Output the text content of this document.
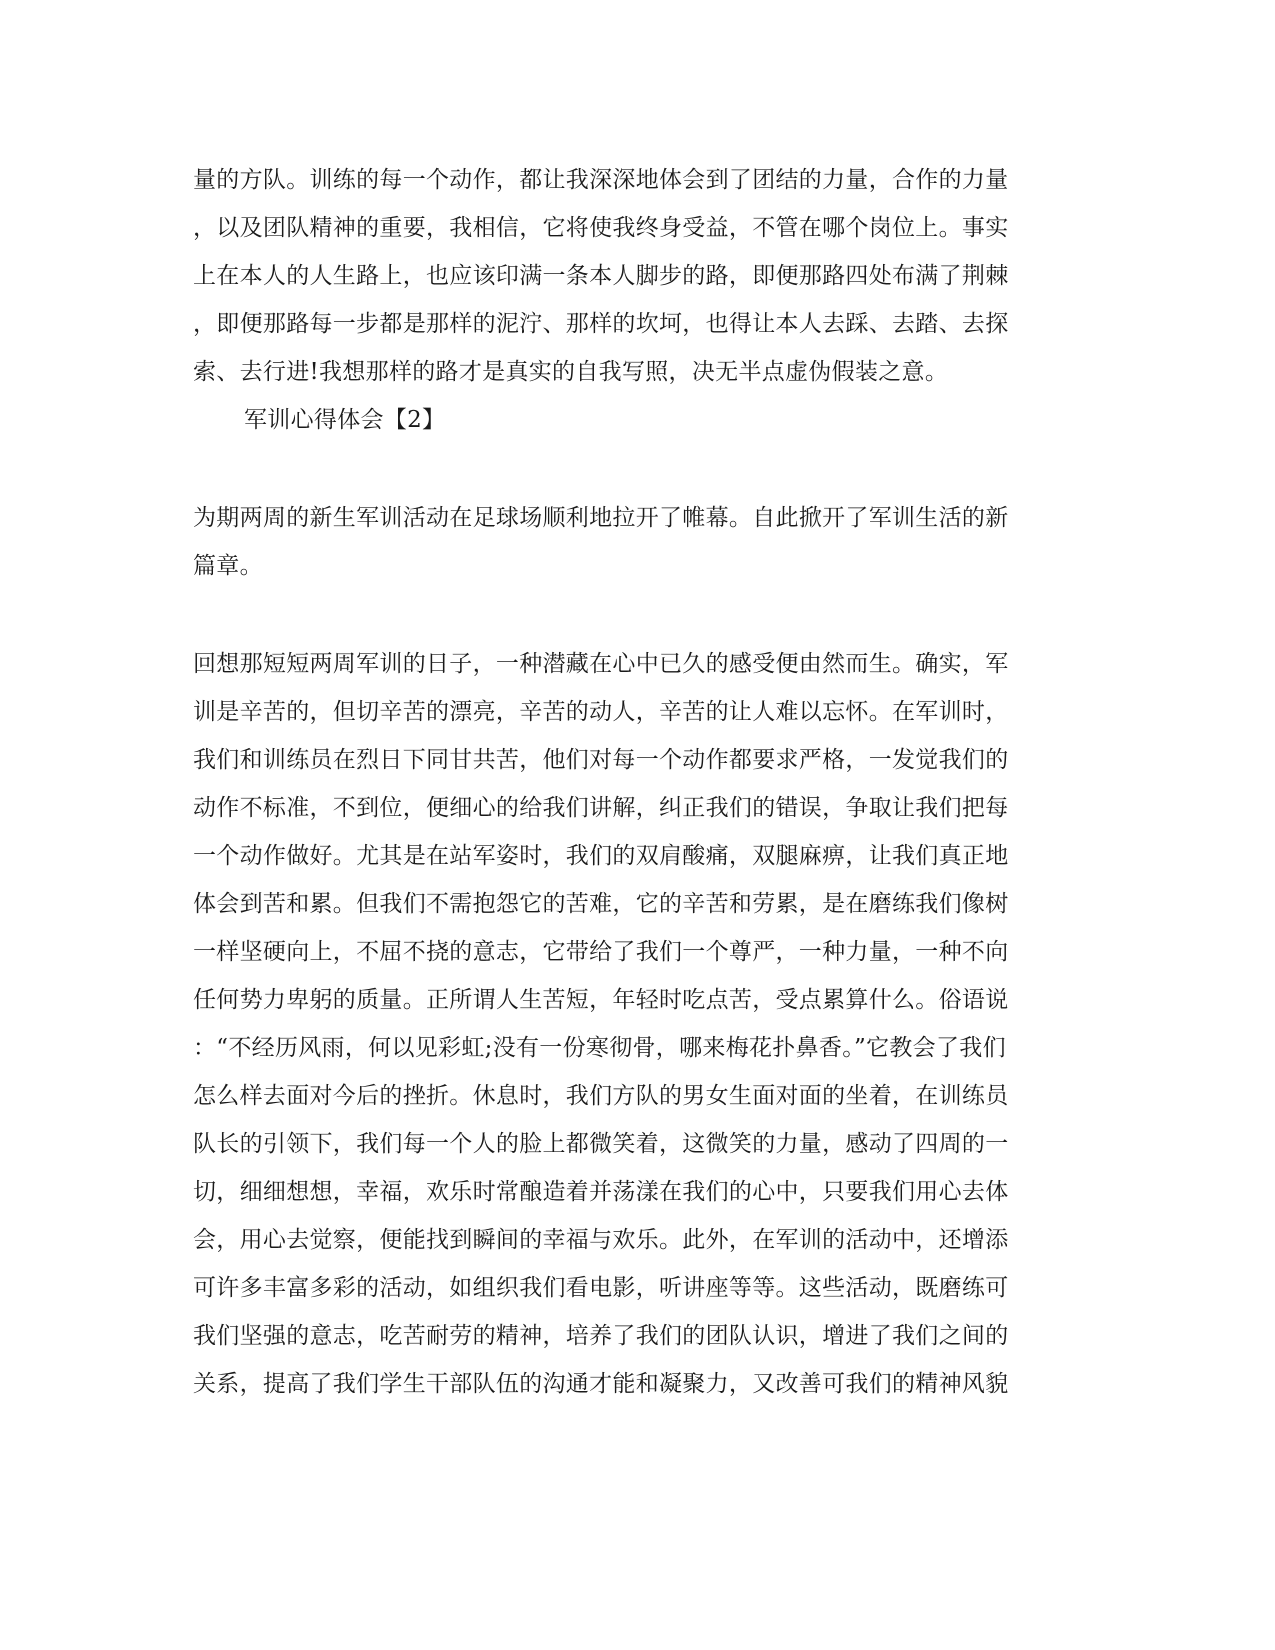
量的方队。训练的每一个动作，都让我深深地体会到了团结的力量，合作的力量
，以及团队精神的重要，我相信，它将使我终身受益，不管在哪个岗位上。事实
上在本人的人生路上，也应该印满一条本人脚步的路，即便那路四处布满了荆棘
，即便那路每一步都是那样的泥泞、那样的坎坷，也得让本人去踩、去踏、去探
索、去行进!我想那样的路才是真实的自我写照，决无半点虚伪假装之意。
军训心得体会【2】
为期两周的新生军训活动在足球场顺利地拉开了帷幕。自此掀开了军训生活的新
篇章。
回想那短短两周军训的日子，一种潜藏在心中已久的感受便由然而生。确实，军
训是辛苦的，但切辛苦的漂亮，辛苦的动人，辛苦的让人难以忘怀。在军训时，
我们和训练员在烈日下同甘共苦，他们对每一个动作都要求严格，一发觉我们的
动作不标准，不到位，便细心的给我们讲解，纠正我们的错误，争取让我们把每
一个动作做好。尤其是在站军姿时，我们的双肩酸痛，双腿麻痹，让我们真正地
体会到苦和累。但我们不需抱怨它的苦难，它的辛苦和劳累，是在磨练我们像树
一样坚硬向上，不屈不挠的意志，它带给了我们一个尊严，一种力量，一种不向
任何势力卑躬的质量。正所谓人生苦短，年轻时吃点苦，受点累算什么。俗语说
：“不经历风雨，何以见彩虹;没有一份寒彻骨，哪来梅花扑鼻香。”它教会了我们
怎么样去面对今后的挫折。休息时，我们方队的男女生面对面的坐着，在训练员
队长的引领下，我们每一个人的脸上都微笑着，这微笑的力量，感动了四周的一
切，细细想想，幸福，欢乐时常酿造着并荡漾在我们的心中，只要我们用心去体
会，用心去觉察，便能找到瞬间的幸福与欢乐。此外，在军训的活动中，还增添
可许多丰富多彩的活动，如组织我们看电影，听讲座等等。这些活动，既磨练可
我们坚强的意志，吃苦耐劳的精神，培养了我们的团队认识，增进了我们之间的
关系，提高了我们学生干部队伍的沟通才能和凝聚力，又改善可我们的精神风貌
